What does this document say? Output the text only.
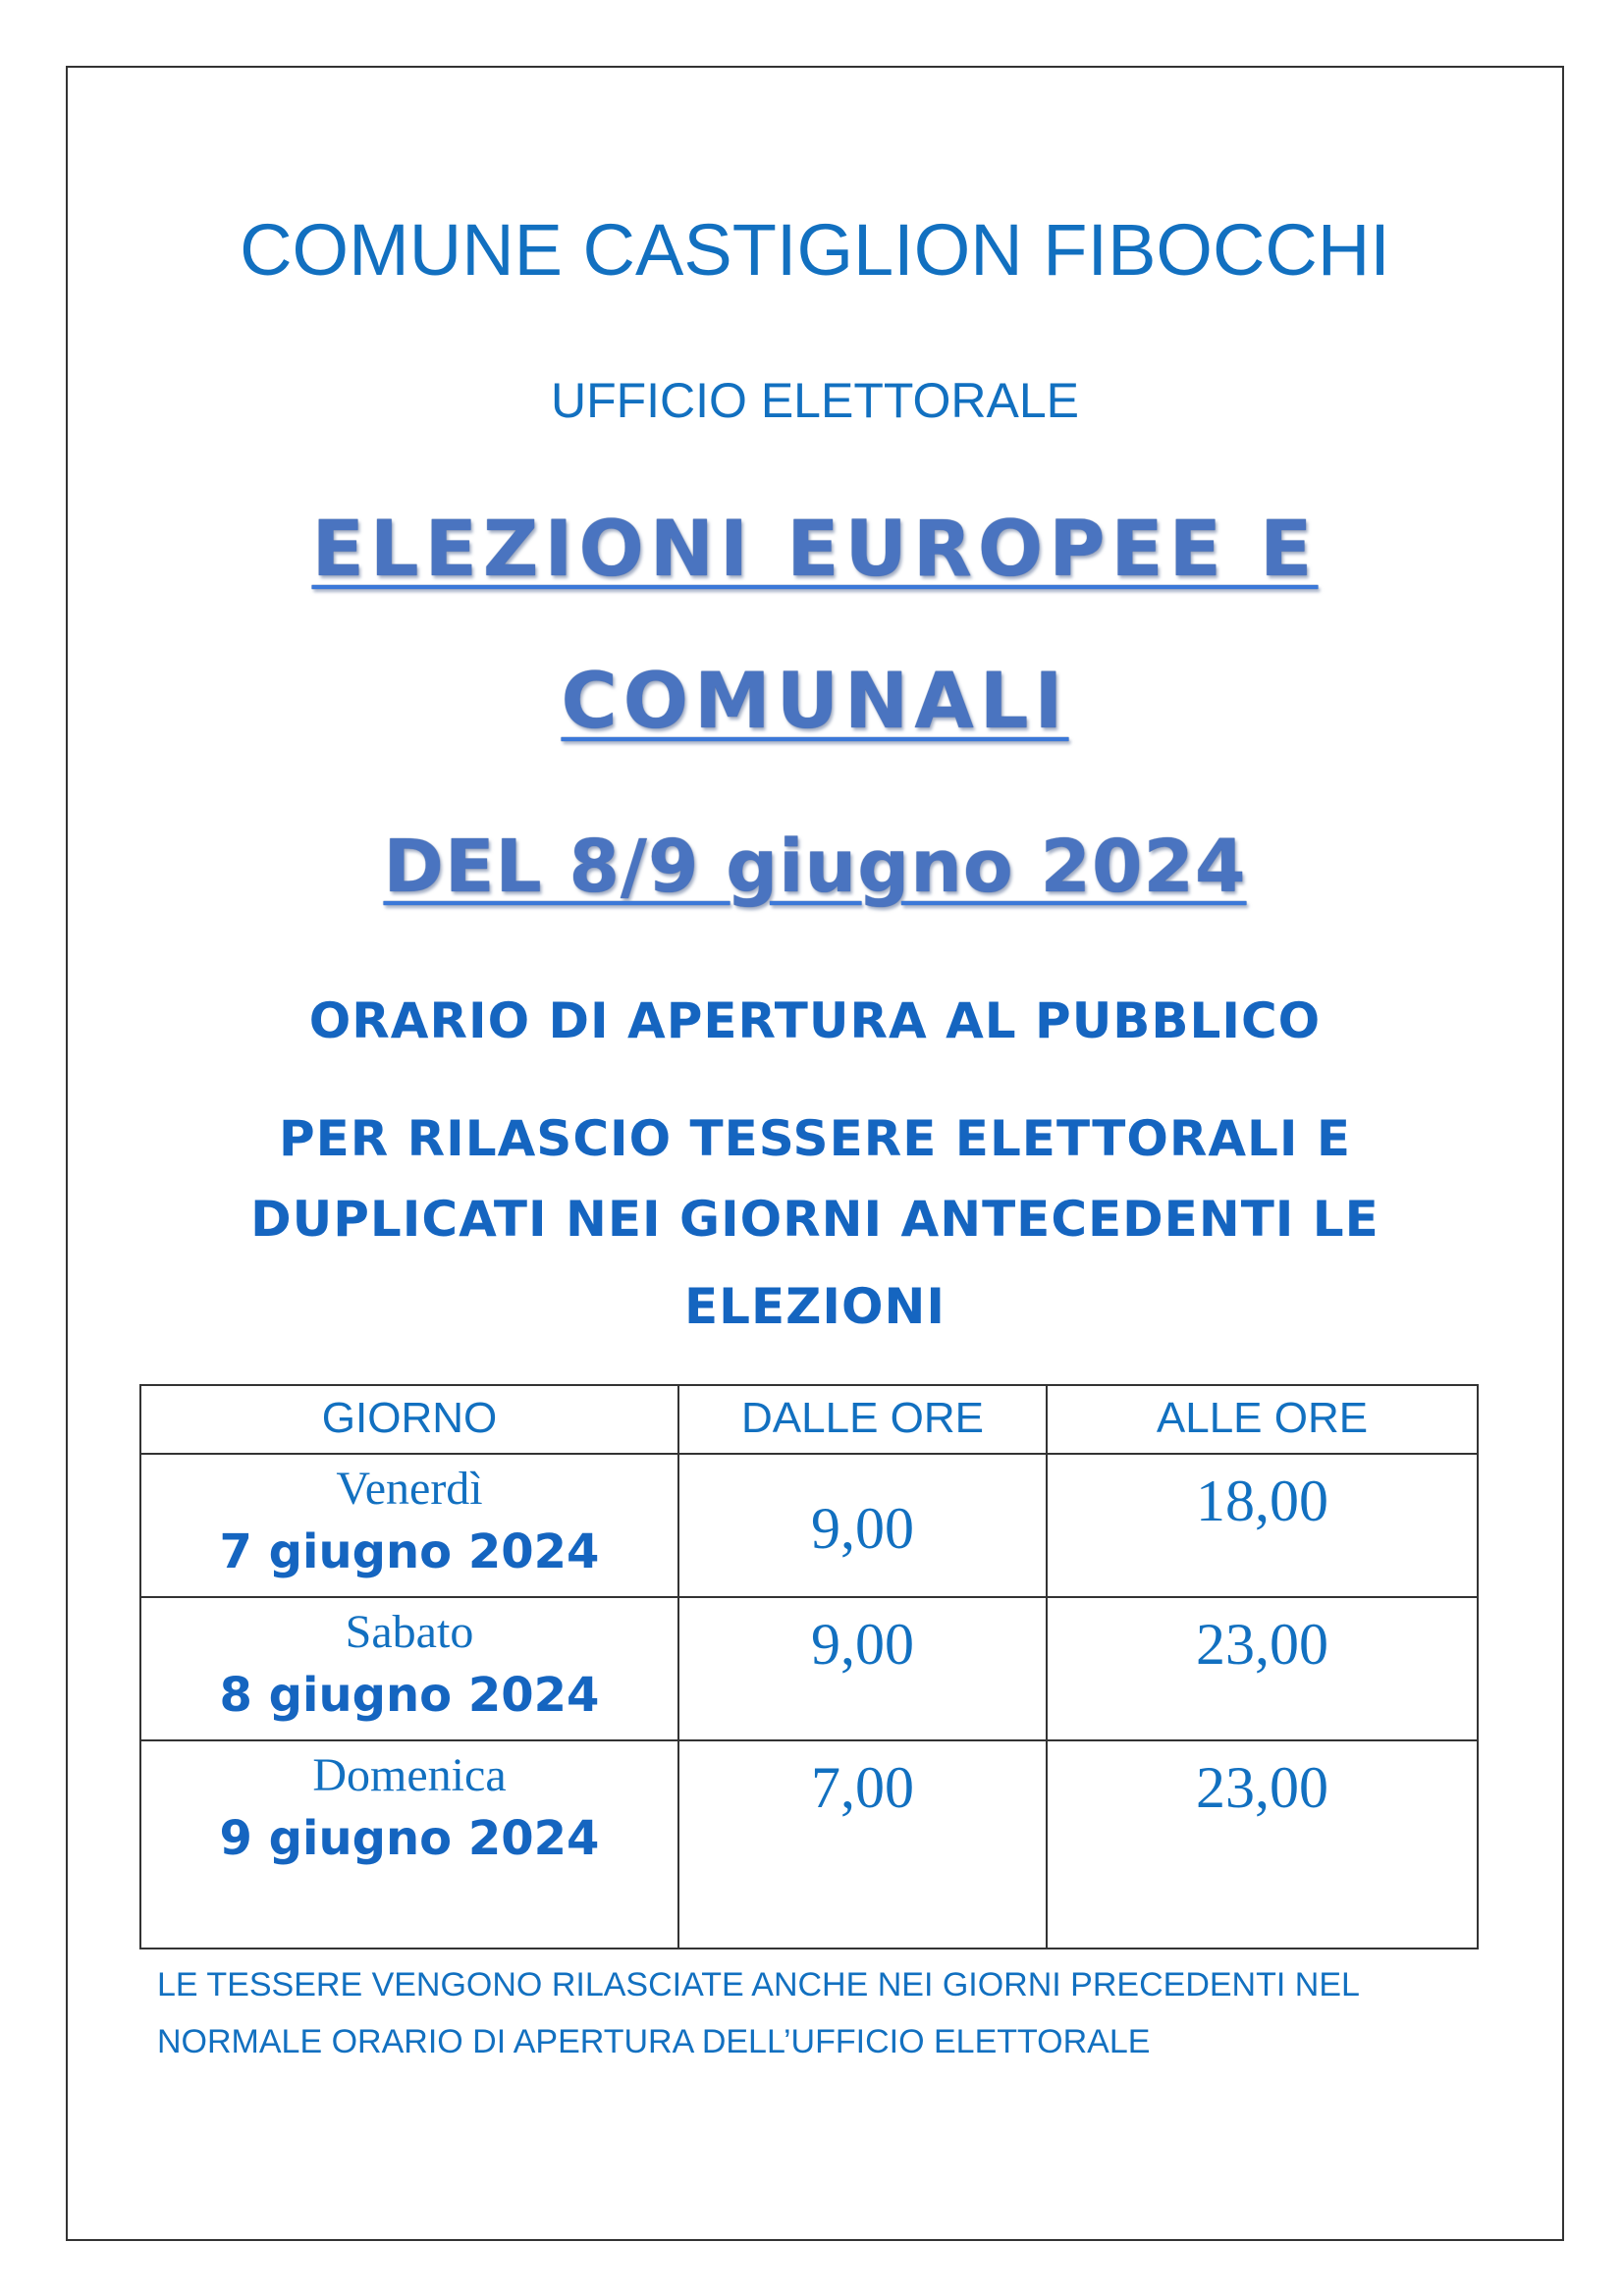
COMUNE CASTIGLION FIBOCCHI
UFFICIO ELETTORALE
ELEZIONI EUROPEE E
COMUNALI
DEL 8/9 giugno 2024
ORARIO DI APERTURA AL PUBBLICO
PER RILASCIO TESSERE ELETTORALI E
DUPLICATI NEI GIORNI ANTECEDENTI LE
ELEZIONI
GIORNO	DALLE ORE	ALLE ORE

Venerdì
7 giugno 2024	9,00	18,00

Sabato
8 giugno 2024	9,00	23,00

Domenica
9 giugno 2024	7,00	23,00
LE TESSERE VENGONO RILASCIATE ANCHE NEI GIORNI PRECEDENTI NEL
NORMALE ORARIO DI APERTURA DELL’UFFICIO ELETTORALE
